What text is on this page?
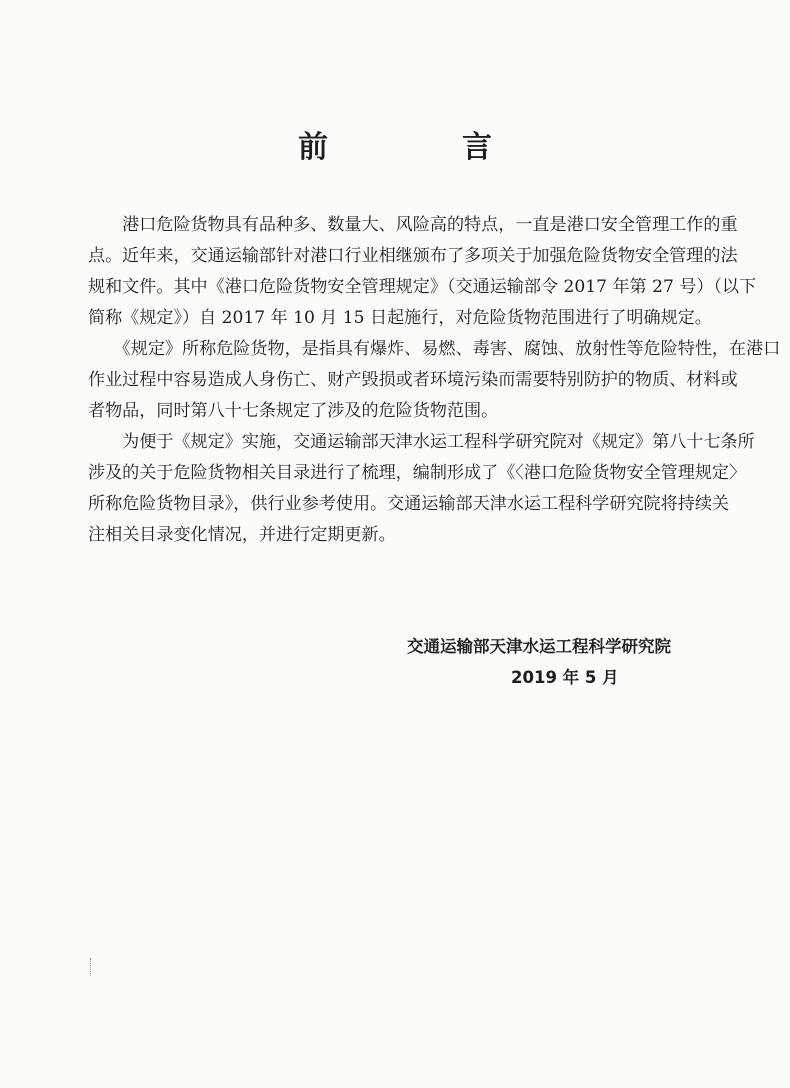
前　言
　　港口危险货物具有品种多、数量大、风险高的特点，一直是港口安全管理工作的重
点。近年来，交通运输部针对港口行业相继颁布了多项关于加强危险货物安全管理的法
规和文件。其中《港口危险货物安全管理规定》（交通运输部令 2017 年第 27 号）（以下
简称《规定》）自 2017 年 10 月 15 日起施行，对危险货物范围进行了明确规定。
　　《规定》所称危险货物，是指具有爆炸、易燃、毒害、腐蚀、放射性等危险特性，在港口
作业过程中容易造成人身伤亡、财产毁损或者环境污染而需要特别防护的物质、材料或
者物品，同时第八十七条规定了涉及的危险货物范围。
　　为便于《规定》实施，交通运输部天津水运工程科学研究院对《规定》第八十七条所
涉及的关于危险货物相关目录进行了梳理，编制形成了《〈港口危险货物安全管理规定〉
所称危险货物目录》，供行业参考使用。交通运输部天津水运工程科学研究院将持续关
注相关目录变化情况，并进行定期更新。
交通运输部天津水运工程科学研究院
2019 年 5 月
